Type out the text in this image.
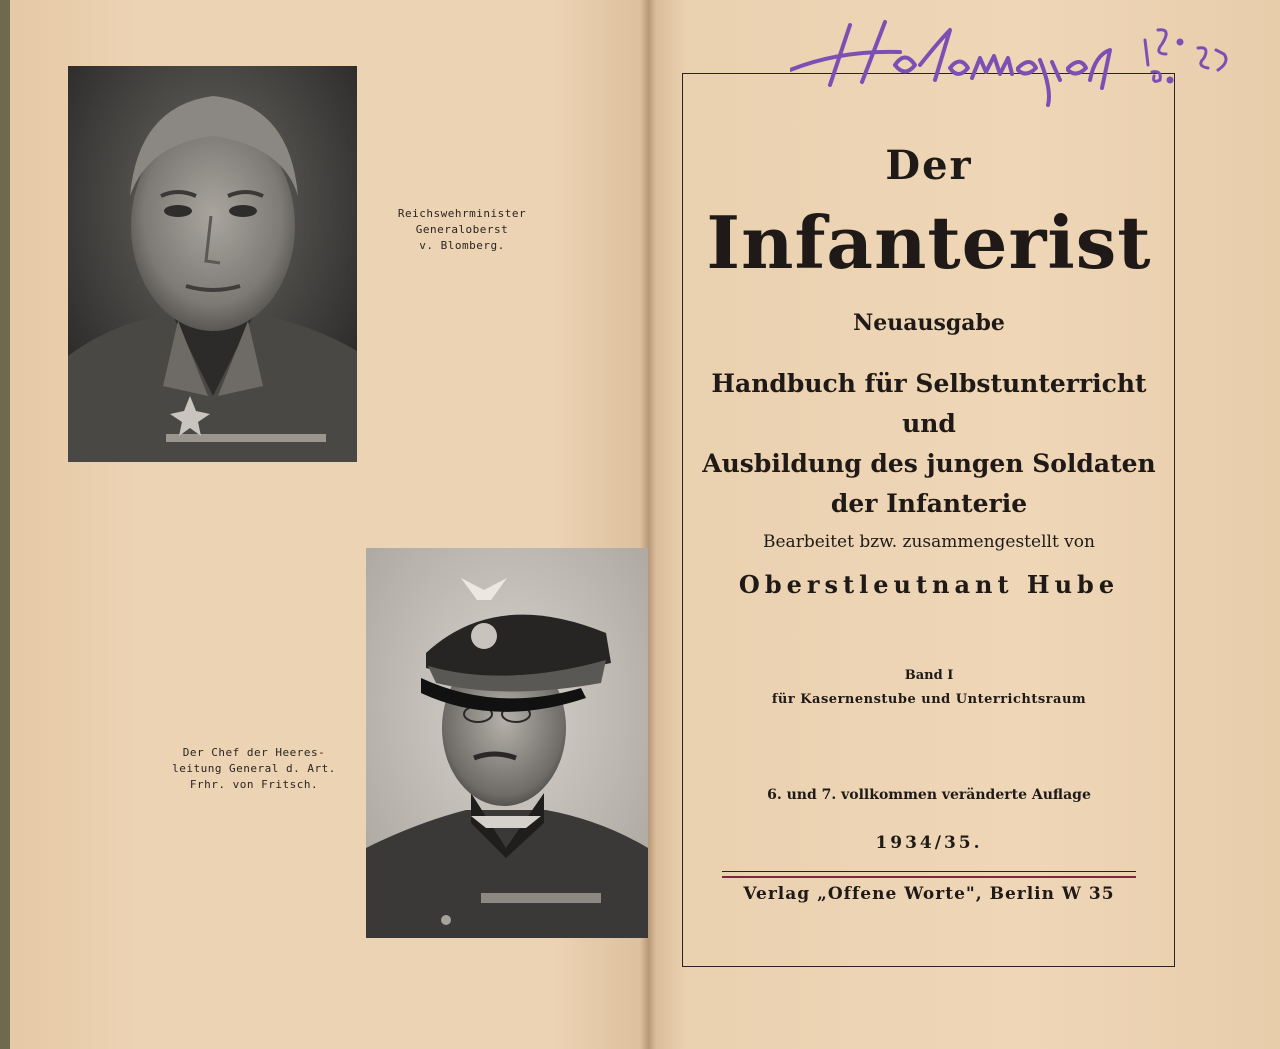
Reichswehrminister
Generaloberst
v. Blomberg.
Der Chef der Heeres-
leitung General d. Art.
Frhr. von Fritsch.
Der
Infanterist
Neuausgabe
Handbuch für Selbstunterricht und
Ausbildung des jungen Soldaten
der Infanterie
Bearbeitet bzw. zusammengestellt von
Oberstleutnant Hube
Band I
für Kasernenstube und Unterrichtsraum
6. und 7. vollkommen veränderte Auflage
1934/35.
Verlag „Offene Worte", Berlin W 35
